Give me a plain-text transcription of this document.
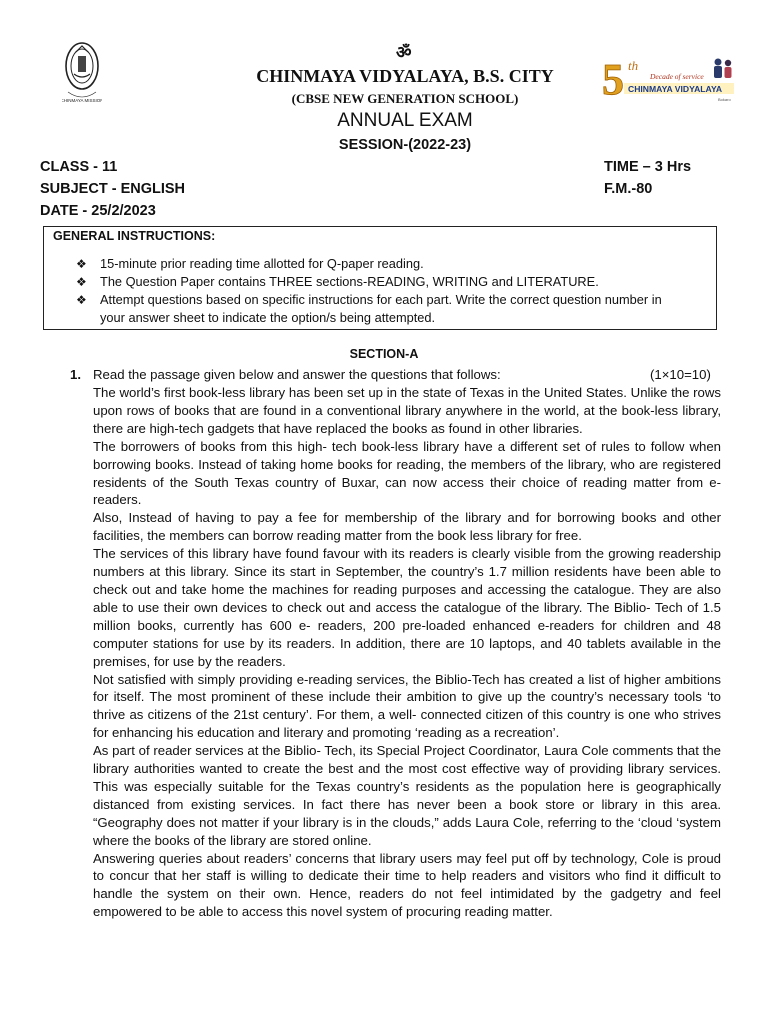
CHINMAYA MISSION
ॐ
CHINMAYA VIDYALAYA, B.S. CITY
(CBSE NEW GENERATION SCHOOL)
ANNUAL EXAM
SESSION-(2022-23)
5 th
Decade of service
CHINMAYA VIDYALAYA
Bokaro
CLASS - 11
SUBJECT - ENGLISH
DATE - 25/2/2023
TIME – 3 Hrs
F.M.-80
GENERAL INSTRUCTIONS:
❖	15-minute prior reading time allotted for Q-paper reading.
❖	The Question Paper contains THREE sections-READING, WRITING and LITERATURE.
❖	Attempt questions based on specific instructions for each part. Write the correct question number in your answer sheet to indicate the option/s being attempted.
SECTION-A
1. Read the passage given below and answer the questions that follows:	(1×10=10)

The world’s first book-less library has been set up in the state of Texas in the United States. Unlike the rows upon rows of books that are found in a conventional library anywhere in the world, at the book-less library, there are high-tech gadgets that have replaced the books as found in other libraries.

The borrowers of books from this high- tech book-less library have a different set of rules to follow when borrowing books. Instead of taking home books for reading, the members of the library, who are registered residents of the South Texas country of Buxar, can now access their choice of reading matter from e-readers.

Also, Instead of having to pay a fee for membership of the library and for borrowing books and other facilities, the members can borrow reading matter from the book less library for free.

The services of this library have found favour with its readers is clearly visible from the growing readership numbers at this library. Since its start in September, the country’s 1.7 million residents have been able to check out and take home the machines for reading purposes and accessing the catalogue. They are also able to use their own devices to check out and access the catalogue of the library. The Biblio- Tech of 1.5 million books, currently has 600 e- readers, 200 pre-loaded enhanced e-readers for children and 48 computer stations for use by its readers. In addition, there are 10 laptops, and 40 tablets available in the premises, for use by the readers.

Not satisfied with simply providing e-reading services, the Biblio-Tech has created a list of higher ambitions for itself. The most prominent of these include their ambition to give up the country’s necessary tools ‘to thrive as citizens of the 21st century’. For them, a well- connected citizen of this country is one who strives for enhancing his education and literary and promoting ‘reading as a recreation’.

As part of reader services at the Biblio- Tech, its Special Project Coordinator, Laura Cole comments that the library authorities wanted to create the best and the most cost effective way of providing library services. This was especially suitable for the Texas country’s residents as the population here is geographically distanced from existing services. In fact there has never been a book store or library in this area. “Geography does not matter if your library is in the clouds,” adds Laura Cole, referring to the ‘cloud ‘system where the books of the library are stored online.

Answering queries about readers’ concerns that library users may feel put off by technology, Cole is proud to concur that her staff is willing to dedicate their time to help readers and visitors who find it difficult to handle the system on their own. Hence, readers do not feel intimidated by the gadgetry and feel empowered to be able to access this novel system of procuring reading matter.
